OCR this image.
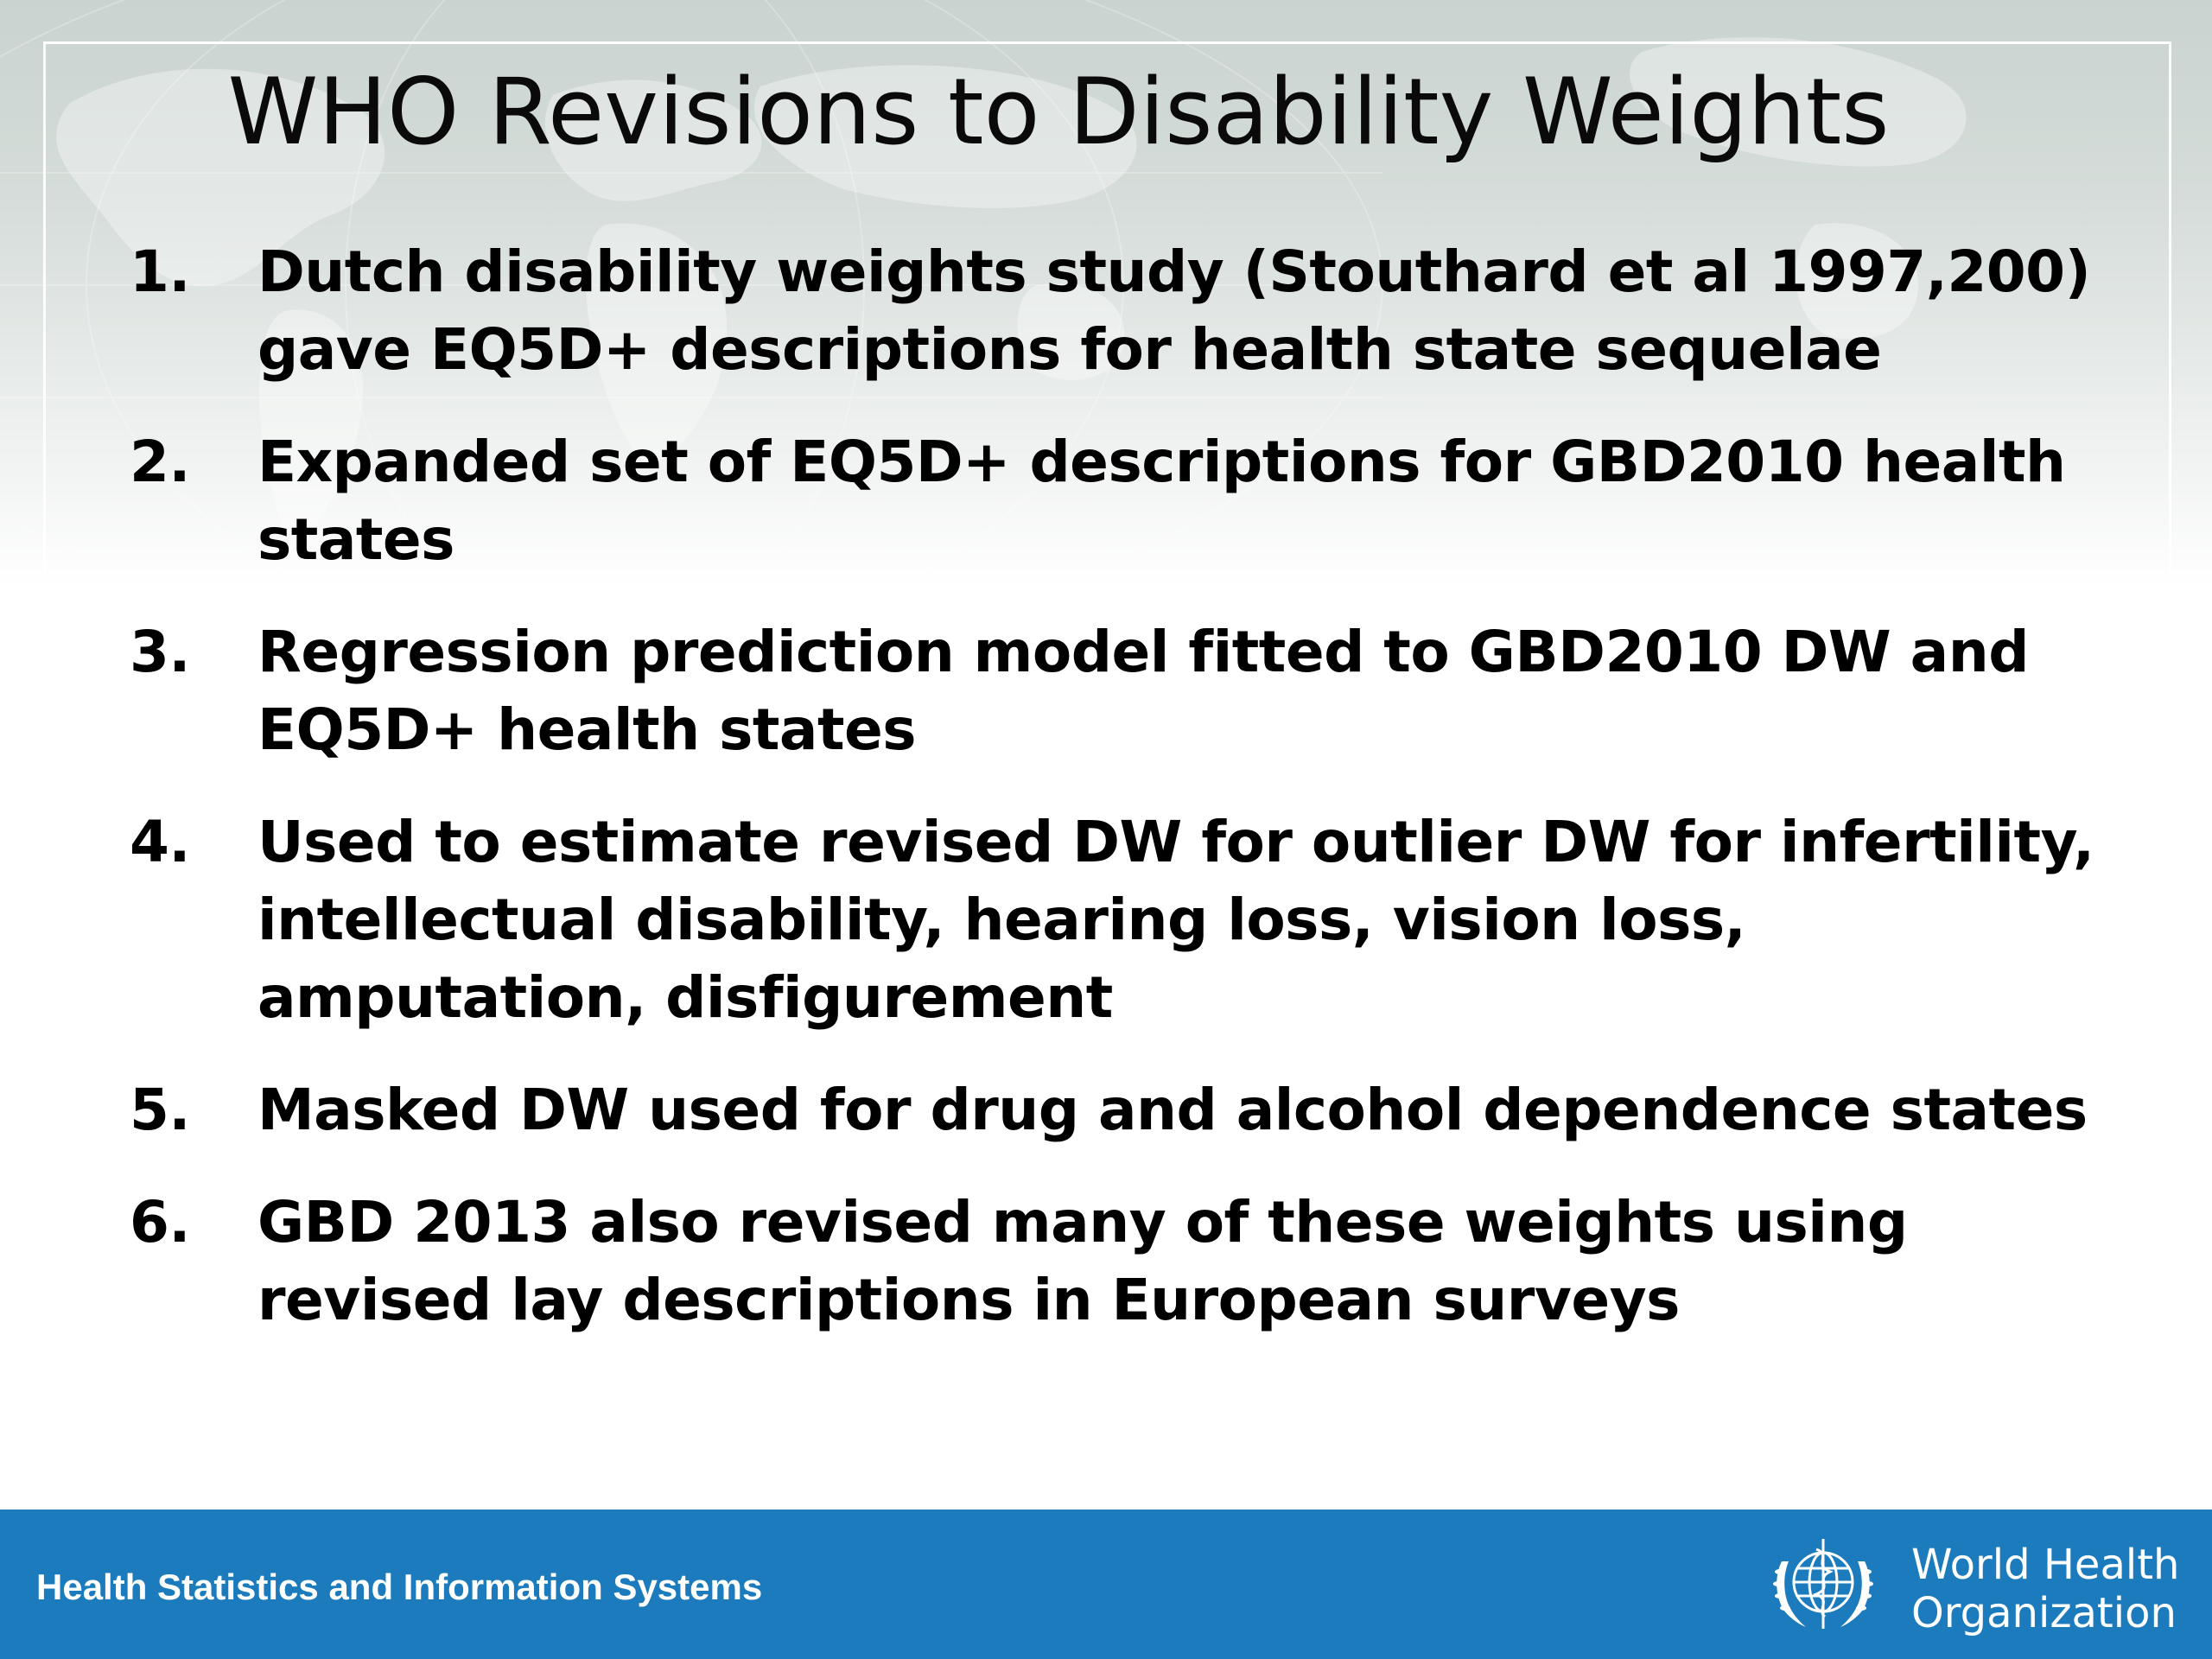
WHO Revisions to Disability Weights
1. Dutch disability weights study (Stouthard et al 1997,200) gave EQ5D+ descriptions for health state sequelae
2. Expanded set of EQ5D+ descriptions for GBD2010 health states
3. Regression prediction model fitted to GBD2010 DW and EQ5D+ health states
4. Used to estimate revised DW for outlier DW for infertility, intellectual disability, hearing loss, vision loss, amputation, disfigurement
5. Masked DW used for drug and alcohol dependence states
6. GBD 2013 also revised many of these weights using revised lay descriptions in European surveys
Health Statistics and Information Systems	World Health
Organization
